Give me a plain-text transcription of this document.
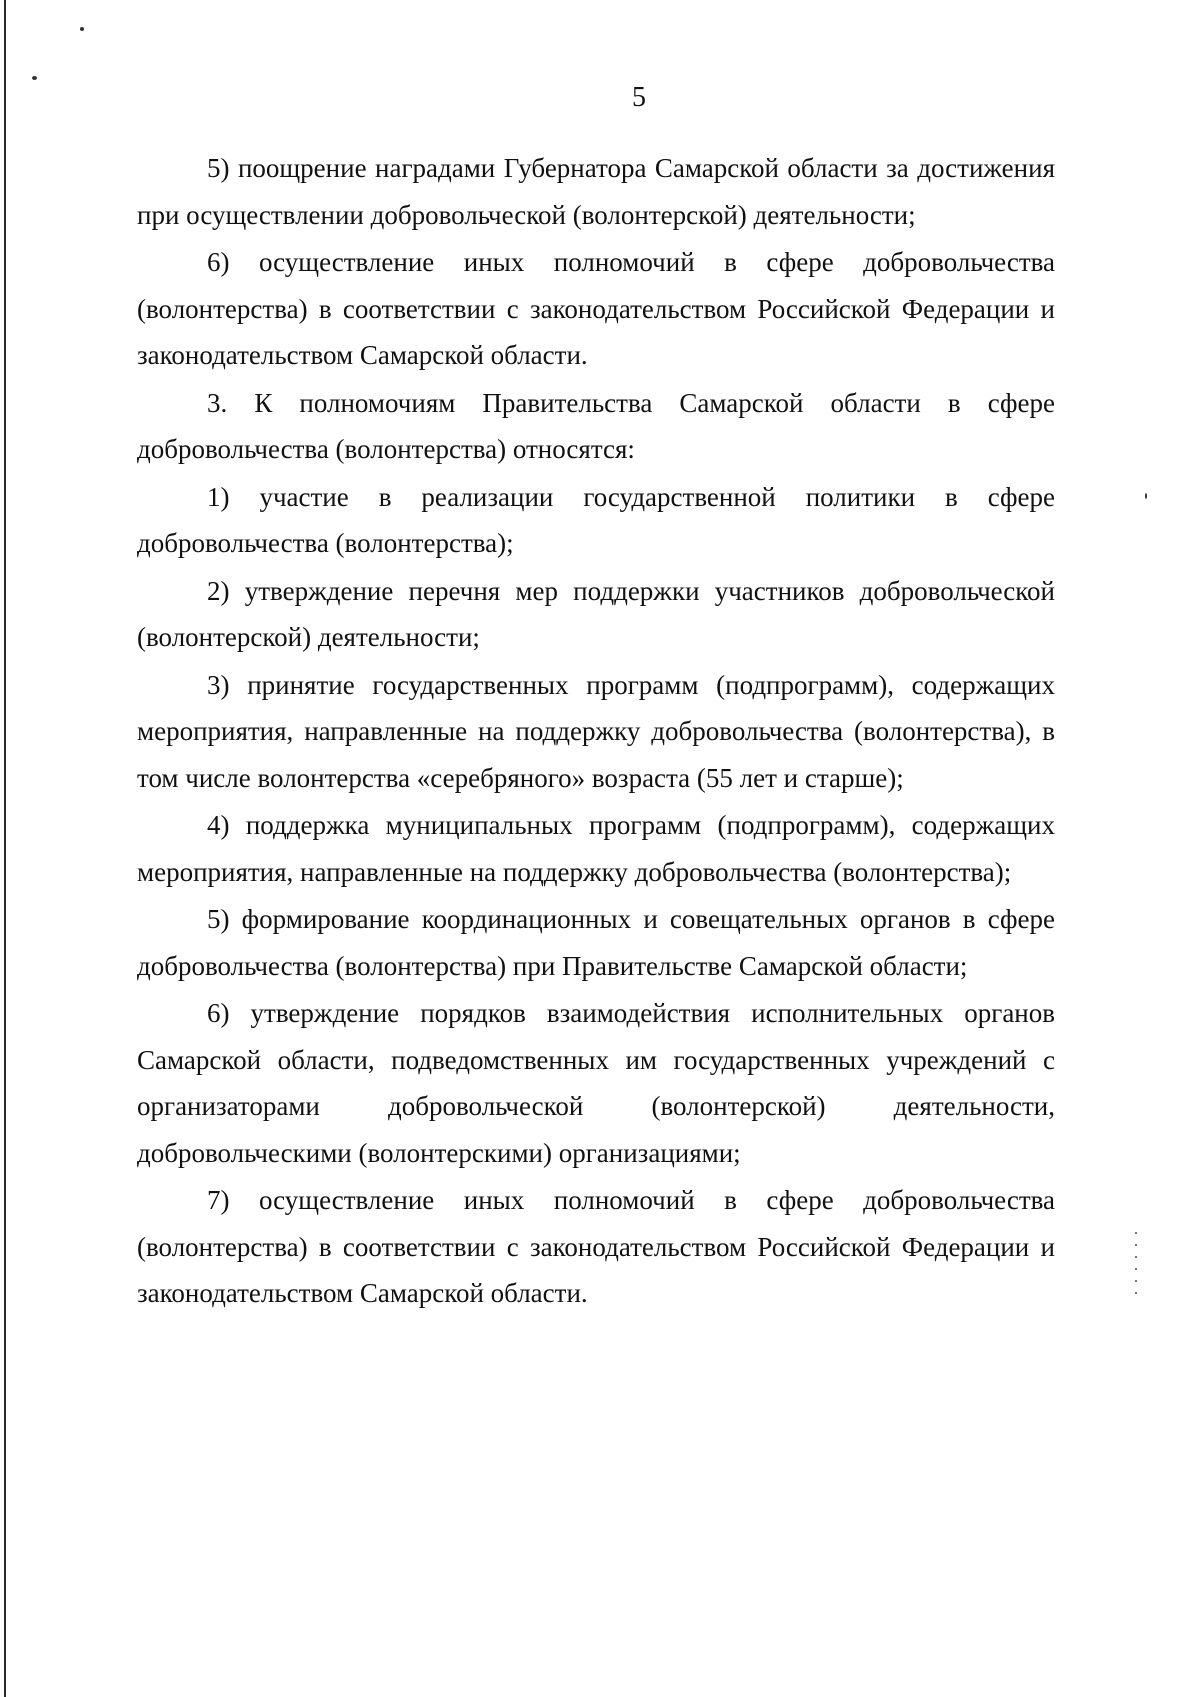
5

5) поощрение наградами Губернатора Самарской области за достижения при осуществлении добровольческой (волонтерской) деятельности;

6) осуществление иных полномочий в сфере добровольчества (волонтерства) в соответствии с законодательством Российской Федерации и законодательством Самарской области.

3. К полномочиям Правительства Самарской области в сфере добровольчества (волонтерства) относятся:

1) участие в реализации государственной политики в сфере добровольчества (волонтерства);

2) утверждение перечня мер поддержки участников добровольческой (волонтерской) деятельности;

3) принятие государственных программ (подпрограмм), содержащих мероприятия, направленные на поддержку добровольчества (волонтерства), в том числе волонтерства «серебряного» возраста (55 лет и старше);

4) поддержка муниципальных программ (подпрограмм), содержащих мероприятия, направленные на поддержку добровольчества (волонтерства);

5) формирование координационных и совещательных органов в сфере добровольчества (волонтерства) при Правительстве Самарской области;

6) утверждение порядков взаимодействия исполнительных органов Самарской области, подведомственных им государственных учреждений с организаторами добровольческой (волонтерской) деятельности, добровольческими (волонтерскими) организациями;

7) осуществление иных полномочий в сфере добровольчества (волонтерства) в соответствии с законодательством Российской Федерации и законодательством Самарской области.
